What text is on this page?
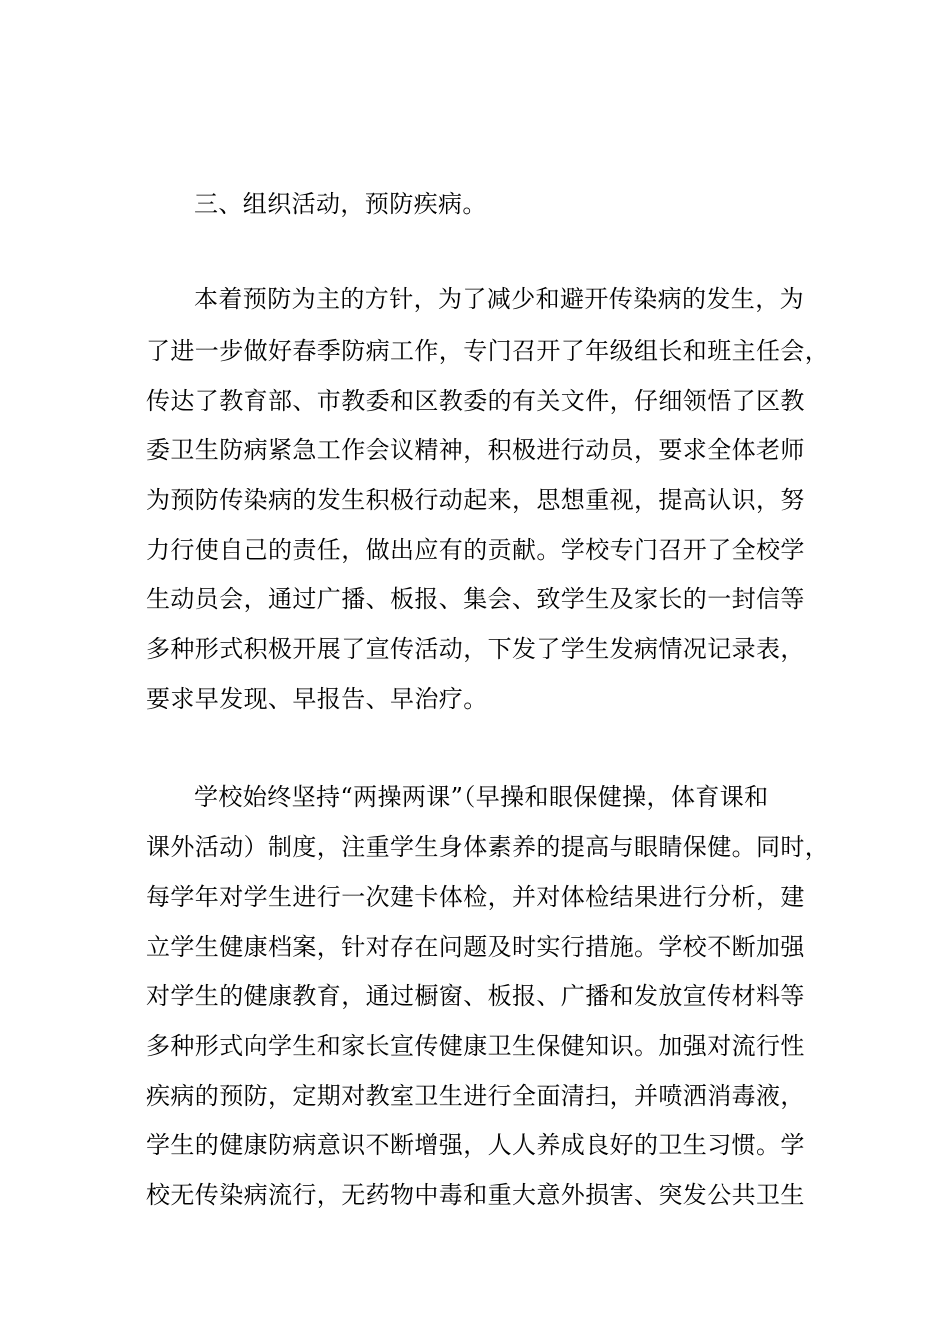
三、组织活动，预防疾病。
本着预防为主的方针，为了减少和避开传染病的发生，为
了进一步做好春季防病工作，专门召开了年级组长和班主任会，
传达了教育部、市教委和区教委的有关文件，仔细领悟了区教
委卫生防病紧急工作会议精神，积极进行动员，要求全体老师
为预防传染病的发生积极行动起来，思想重视，提高认识，努
力行使自己的责任，做出应有的贡献。学校专门召开了全校学
生动员会，通过广播、板报、集会、致学生及家长的一封信等
多种形式积极开展了宣传活动，下发了学生发病情况记录表，
要求早发现、早报告、早治疗。
学校始终坚持“两操两课”（早操和眼保健操，体育课和
课外活动）制度，注重学生身体素养的提高与眼睛保健。同时，
每学年对学生进行一次建卡体检，并对体检结果进行分析，建
立学生健康档案，针对存在问题及时实行措施。学校不断加强
对学生的健康教育，通过橱窗、板报、广播和发放宣传材料等
多种形式向学生和家长宣传健康卫生保健知识。加强对流行性
疾病的预防，定期对教室卫生进行全面清扫，并喷洒消毒液，
学生的健康防病意识不断增强，人人养成良好的卫生习惯。学
校无传染病流行，无药物中毒和重大意外损害、突发公共卫生
